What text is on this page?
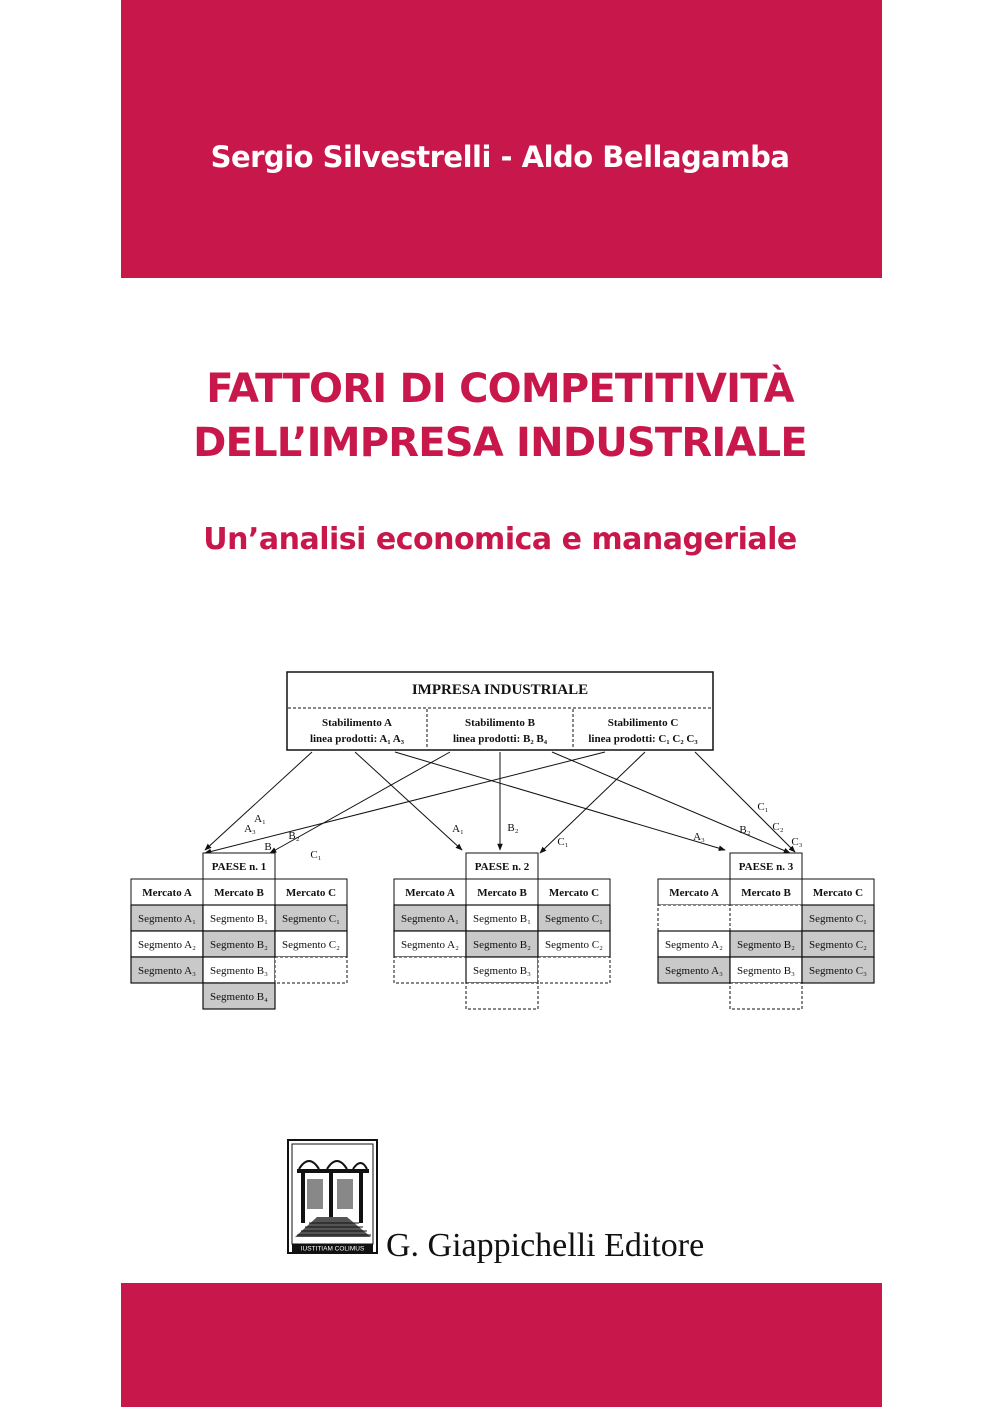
Sergio Silvestrelli - Aldo Bellagamba
FATTORI DI COMPETITIVITÀ
DELL’IMPRESA INDUSTRIALE
Un’analisi economica e manageriale
IMPRESA INDUSTRIALE
Stabilimento A
linea prodotti: A₁ A₃
Stabilimento B
linea prodotti: B₂ B₄
Stabilimento C
linea prodotti: C₁ C₂ C₃
A₁
A₃
B₂
B₄
C₁
A₁	B₂
C₁	A₃
B₂
C₁
C₂
C₃
PAESE n. 1
Mercato A Mercato B Mercato C
Segmento A₁ Segmento B₁ Segmento C₁
Segmento A₂ Segmento B₂ Segmento C₂
Segmento A₃ Segmento B₃
Segmento B₄
PAESE n. 2
Mercato A Mercato B Mercato C
Segmento A₁ Segmento B₁ Segmento C₁
Segmento A₂ Segmento B₂ Segmento C₂
Segmento B₃
PAESE n. 3
Mercato A Mercato B Mercato C
Segmento C₁
Segmento A₂ Segmento B₂ Segmento C₂
Segmento A₃ Segmento B₃ Segmento C₃
IUSTITIAM COLIMUS G. Giappichelli Editore
